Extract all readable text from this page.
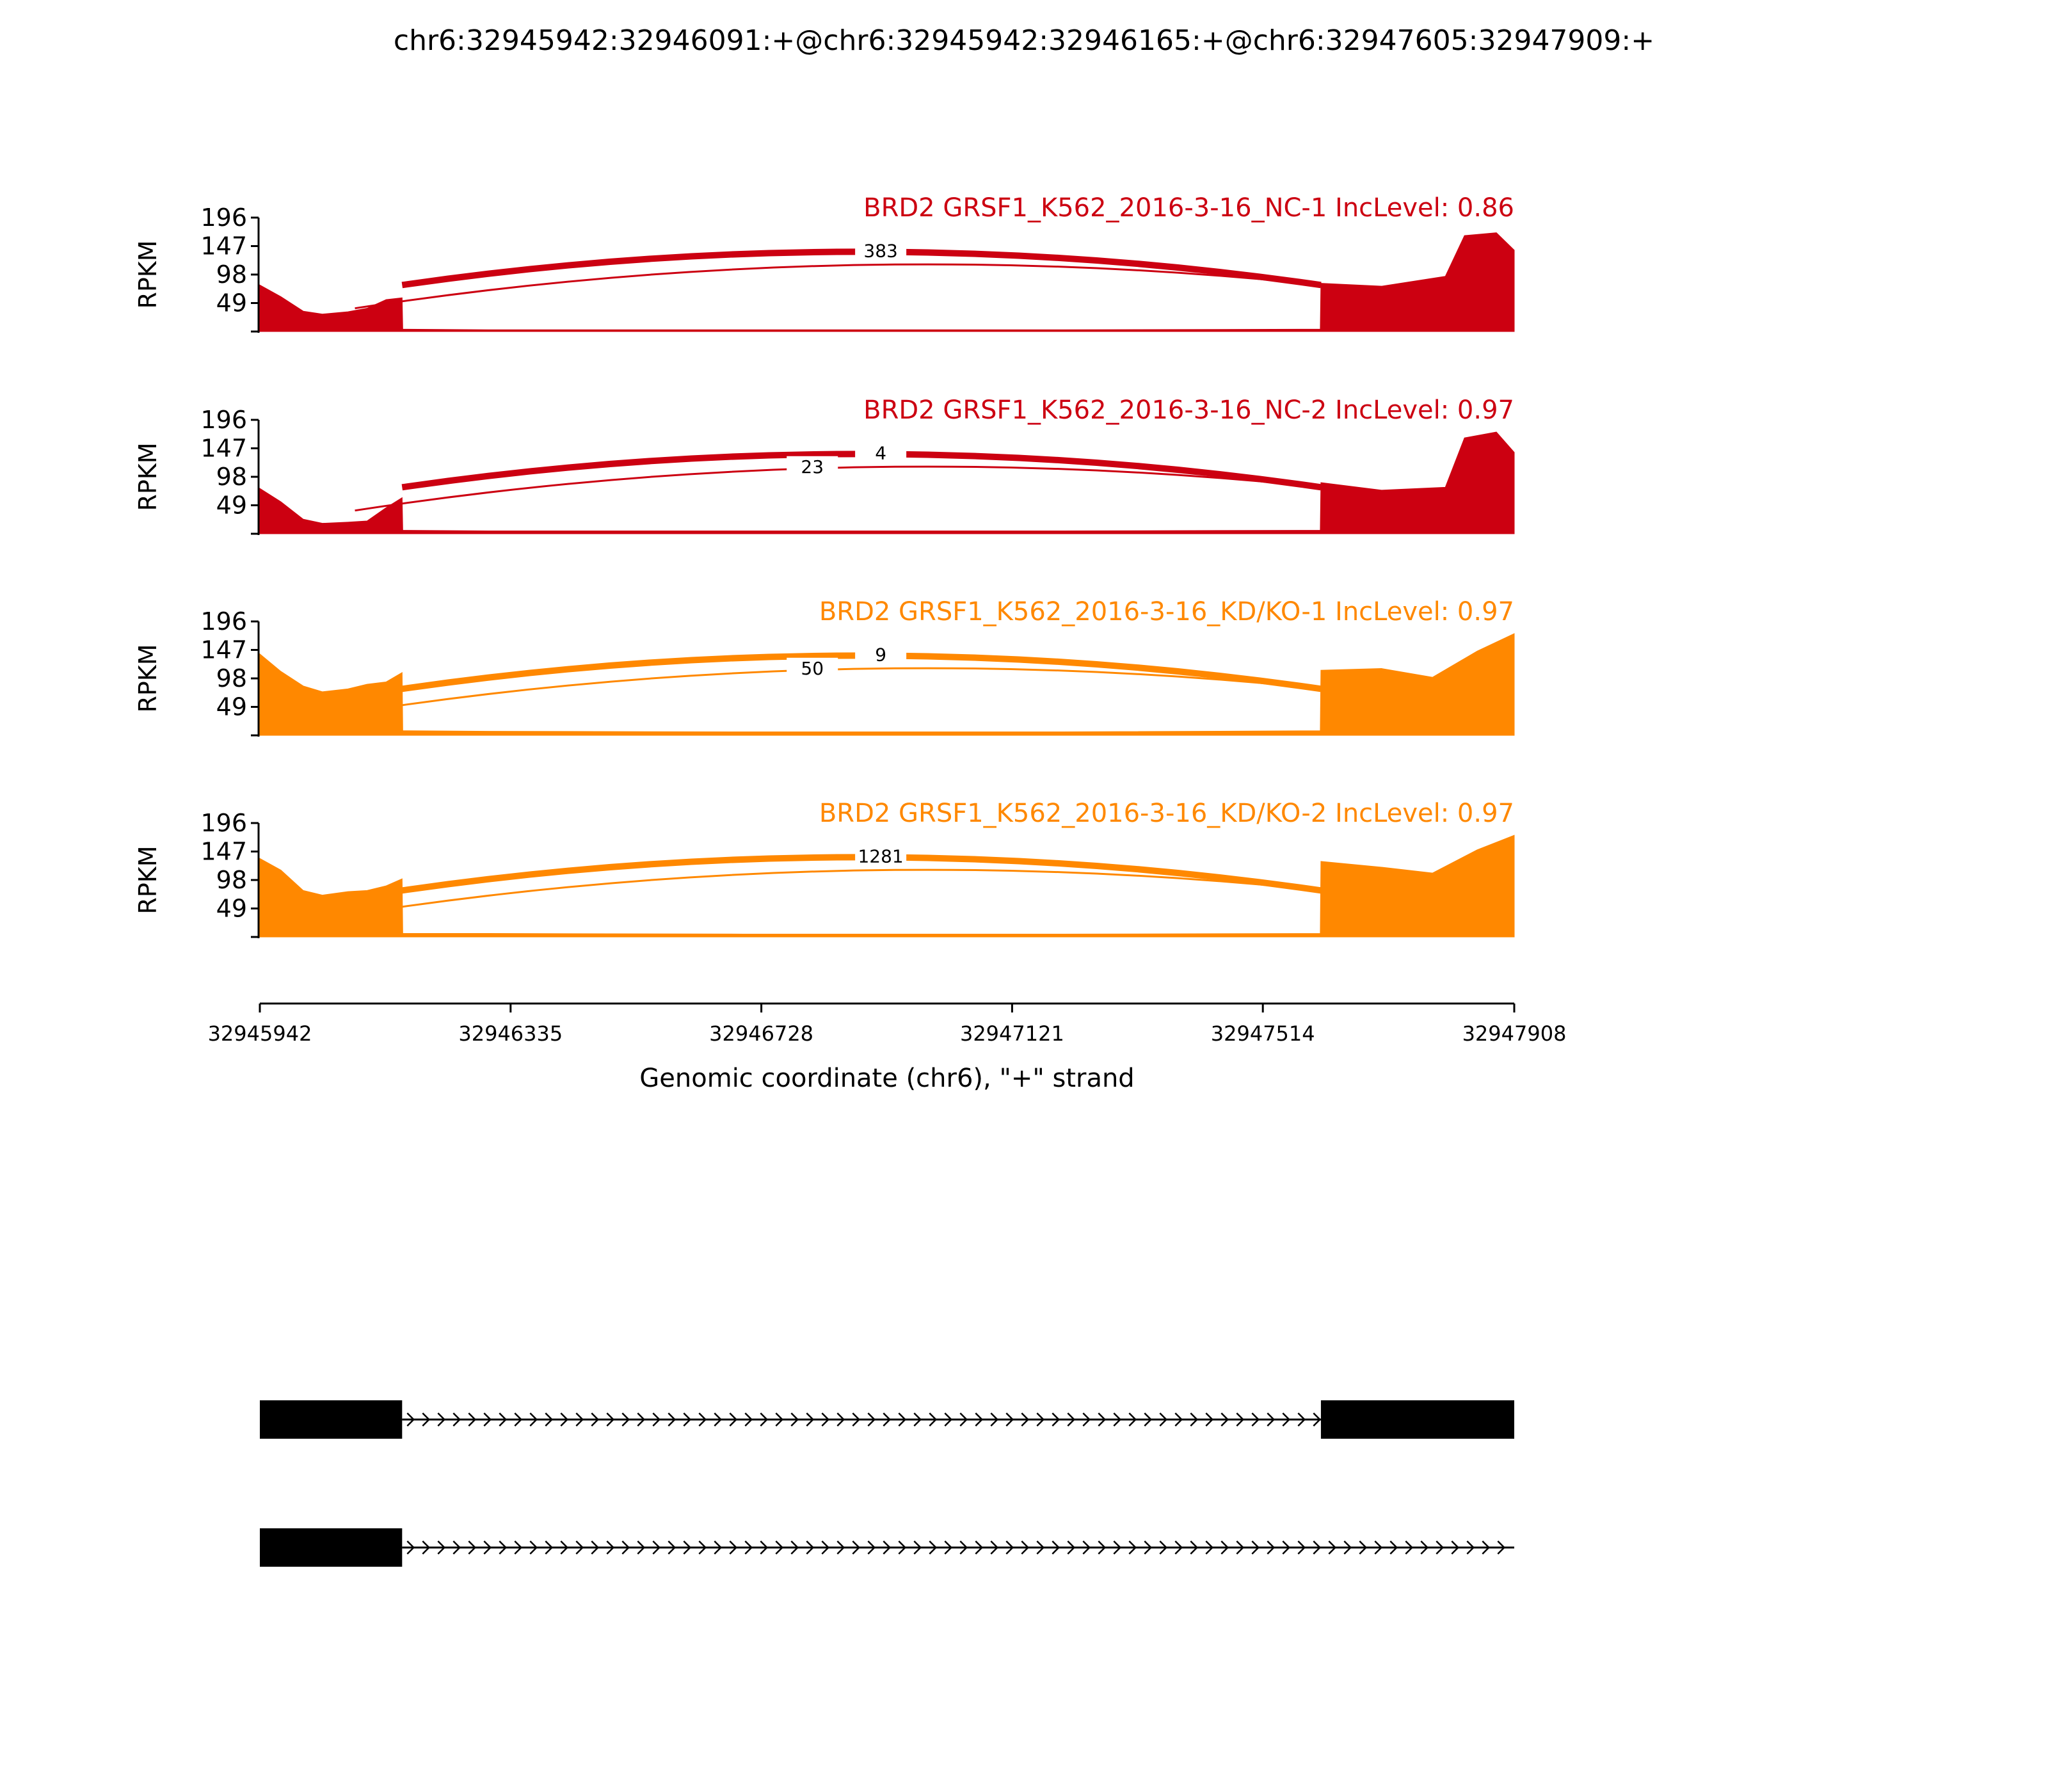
chr6:32945942:32946091:+@chr6:32945942:32946165:+@chr6:32947605:32947909:+
383
49
98
147
196
RPKM
BRD2 GRSF1_K562_2016-3-16_NC-1 IncLevel: 0.86
4
23
49
98
147
196
RPKM
BRD2 GRSF1_K562_2016-3-16_NC-2 IncLevel: 0.97
9
50
49
98
147
196
RPKM
BRD2 GRSF1_K562_2016-3-16_KD/KO-1 IncLevel: 0.97
1281
49
98
147
196
RPKM
BRD2 GRSF1_K562_2016-3-16_KD/KO-2 IncLevel: 0.97
32945942	32946335	32946728	32947121	32947514	32947908
Genomic coordinate (chr6), "+" strand
